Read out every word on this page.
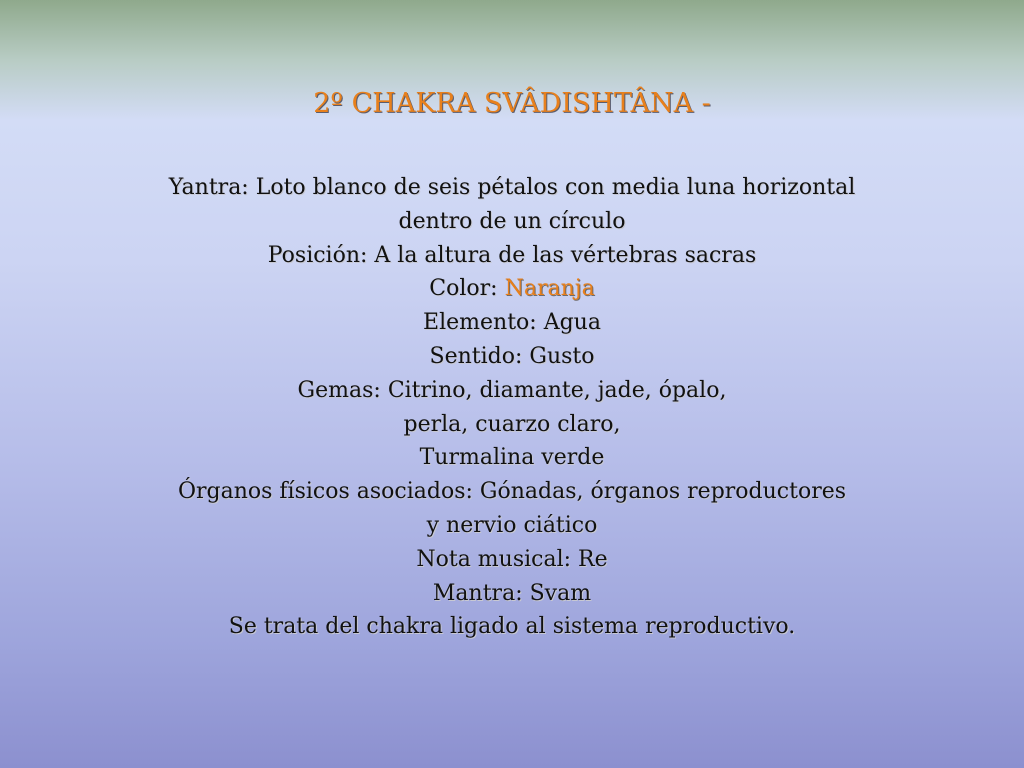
2º CHAKRA SVÂDISHTÂNA -
Yantra: Loto blanco de seis pétalos con media luna horizontal
dentro de un círculo
Posición: A la altura de las vértebras sacras
Color: Naranja
Elemento: Agua
Sentido: Gusto
Gemas: Citrino, diamante, jade, ópalo,
perla, cuarzo claro,
Turmalina verde
Órganos físicos asociados: Gónadas, órganos reproductores
y nervio ciático
Nota musical: Re
Mantra: Svam
Se trata del chakra ligado al sistema reproductivo.
